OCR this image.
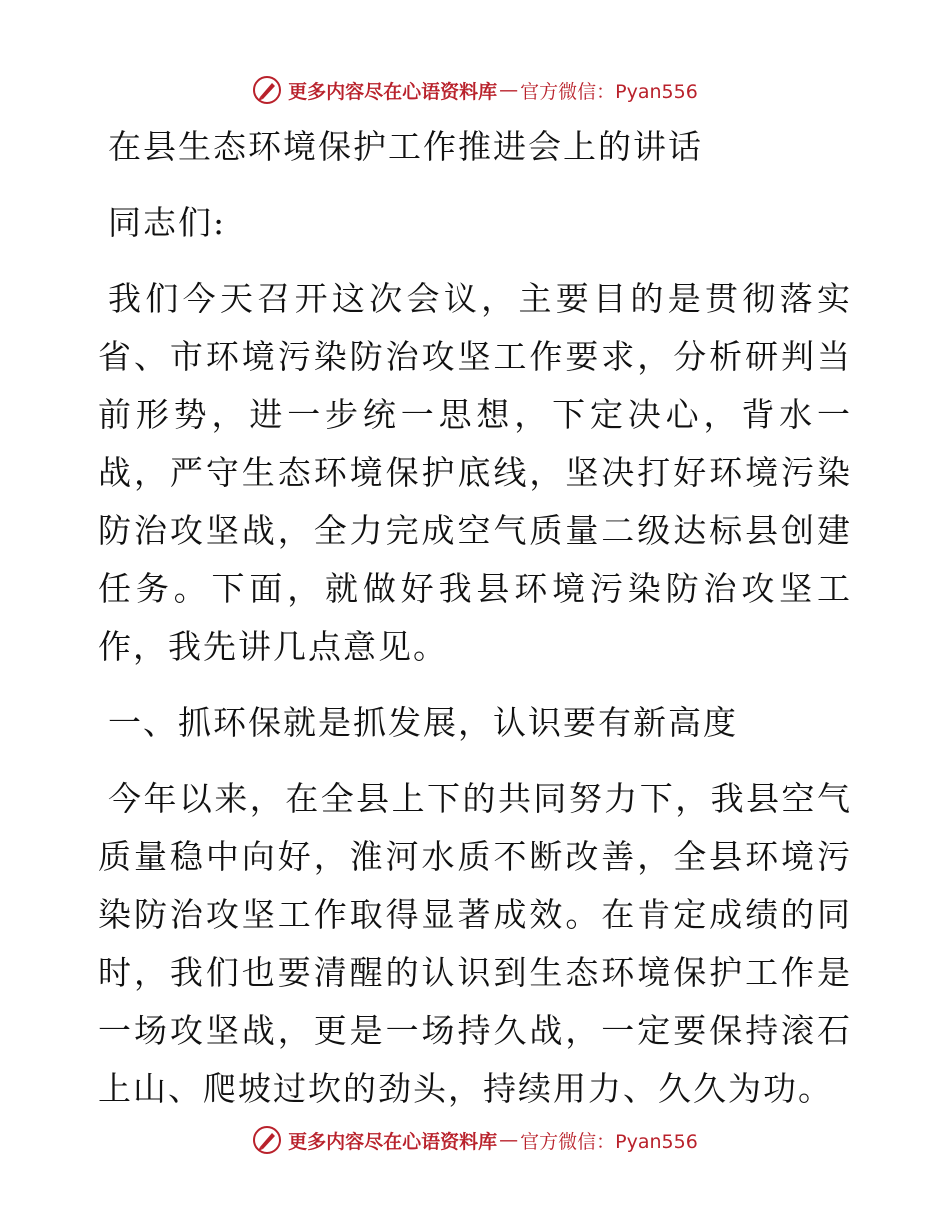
更多内容尽在心语资料库 — 官方微信：Pyan556

在县生态环境保护工作推进会上的讲话

同志们:

我们今天召开这次会议，主要目的是贯彻落实省、市环境污染防治攻坚工作要求，分析研判当前形势，进一步统一思想，下定决心，背水一战，严守生态环境保护底线，坚决打好环境污染防治攻坚战，全力完成空气质量二级达标县创建任务。下面，就做好我县环境污染防治攻坚工作，我先讲几点意见。

一、抓环保就是抓发展，认识要有新高度

今年以来，在全县上下的共同努力下，我县空气质量稳中向好，淮河水质不断改善，全县环境污染防治攻坚工作取得显著成效。在肯定成绩的同时，我们也要清醒的认识到生态环境保护工作是一场攻坚战，更是一场持久战，一定要保持滚石上山、爬坡过坎的劲头，持续用力、久久为功。

更多内容尽在心语资料库 — 官方微信：Pyan556
